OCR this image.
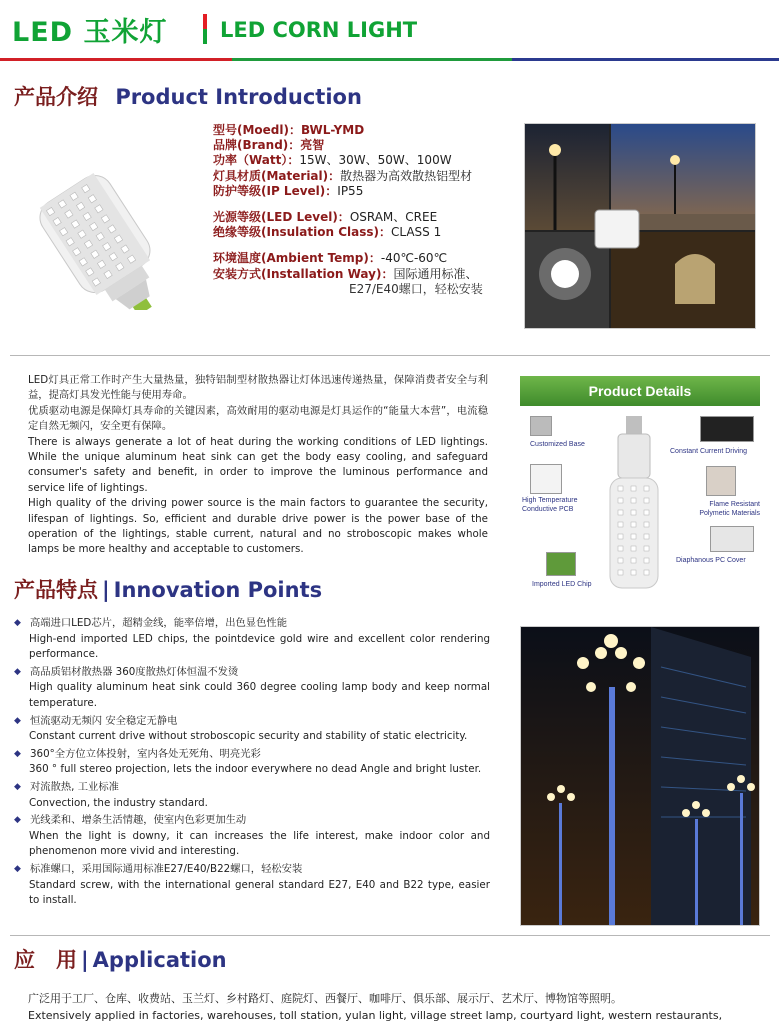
LED 玉米灯	LED CORN LIGHT
产品介绍 Product Introduction
型号(Moedl)：BWL-YMD
品牌(Brand)：亮智
功率（Watt）：15W、30W、50W、100W
灯具材质(Material)：散热器为高效散热铝型材
防护等级(IP Level)：IP55
光源等级(LED Level)：OSRAM、CREE
绝缘等级(Insulation Class)：CLASS 1
环境温度(Ambient Temp)：-40℃-60℃
安装方式(Installation Way)：国际通用标准、
E27/E40螺口，轻松安装

LED灯具正常工作时产生大量热量，独特铝制型材散热器让灯体迅速传递热量，保障消费者安全与利益，提高灯具发光性能与使用寿命。

优质驱动电源是保障灯具寿命的关键因素，高效耐用的驱动电源是灯具运作的“能量大本营”，电流稳定自然无频闪，安全更有保障。

There is always generate a lot of heat during the working conditions of LED lightings. While the unique aluminum heat sink can get the body easy cooling, and safeguard consumer's safety and benefit, in order to improve the luminous performance and service life of lightings.

High quality of the driving power source is the main factors to guarantee the security, lifespan of lightings. So, efficient and durable drive power is the power base of the operation of the lightings, stable current, natural and no stroboscopic makes whole lamps be more healthy and acceptable to customers.

Product Details
Customized Base
Constant Current Driving
High Temperature
Conductive PCB
Flame Resistant
Polymetic Materials
Diaphanous PC Cover
Imported LED Chip
产品特点 | Innovation Points
◆ 高端进口LED芯片，超精金线，能率倍增，出色显色性能
High-end imported LED chips, the pointdevice gold wire and excellent color rendering performance.
◆ 高品质铝材散热器 360度散热灯体恒温不发烫
High quality aluminum heat sink could 360 degree cooling lamp body and keep normal temperature.
◆ 恒流驱动无频闪 安全稳定无静电
Constant current drive without stroboscopic security and stability of static electricity.
◆ 360°全方位立体投射，室内各处无死角、明亮光彩
360 ° full stereo projection, lets the indoor everywhere no dead Angle and bright luster.
◆ 对流散热, 工业标准
Convection, the industry standard.
◆ 光线柔和、增条生活情趣，使室内色彩更加生动
When the light is downy, it can increases the life interest, make indoor color and phenomenon more vivid and interesting.
◆ 标准螺口，采用国际通用标准E27/E40/B22螺口，轻松安装
Standard screw, with the international general standard E27, E40 and B22 type, easier to install.
应　用 | Application
广泛用于工厂、仓库、收费站、玉兰灯、乡村路灯、庭院灯、西餐厅、咖啡厅、俱乐部、展示厅、艺术厅、博物馆等照明。
Extensively applied in factories, warehouses, toll station, yulan light, village street lamp, courtyard light, western restaurants,
